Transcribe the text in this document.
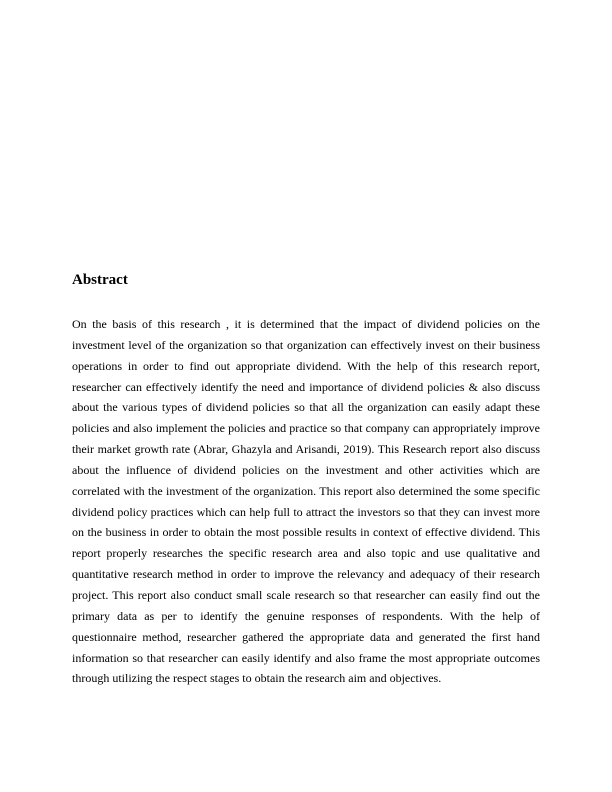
Abstract

On the basis of this research , it is determined that the impact of dividend policies on the investment level of the organization so that organization can effectively invest on their business operations in order to find out appropriate dividend. With the help of this research report, researcher can effectively identify the need and importance of dividend policies & also discuss about the various types of dividend policies so that all the organization can easily adapt these policies and also implement the policies and practice so that company can appropriately improve their market growth rate (Abrar, Ghazyla and Arisandi, 2019). This Research report also discuss about the influence of dividend policies on the investment and other activities which are correlated with the investment of the organization. This report also determined the some specific dividend policy practices which can help full to attract the investors so that they can invest more on the business in order to obtain the most possible results in context of effective dividend. This report properly researches the specific research area and also topic and use qualitative and quantitative research method in order to improve the relevancy and adequacy of their research project. This report also conduct small scale research so that researcher can easily find out the primary data as per to identify the genuine responses of respondents. With the help of questionnaire method, researcher gathered the appropriate data and generated the first hand information so that researcher can easily identify and also frame the most appropriate outcomes through utilizing the respect stages to obtain the research aim and objectives.
